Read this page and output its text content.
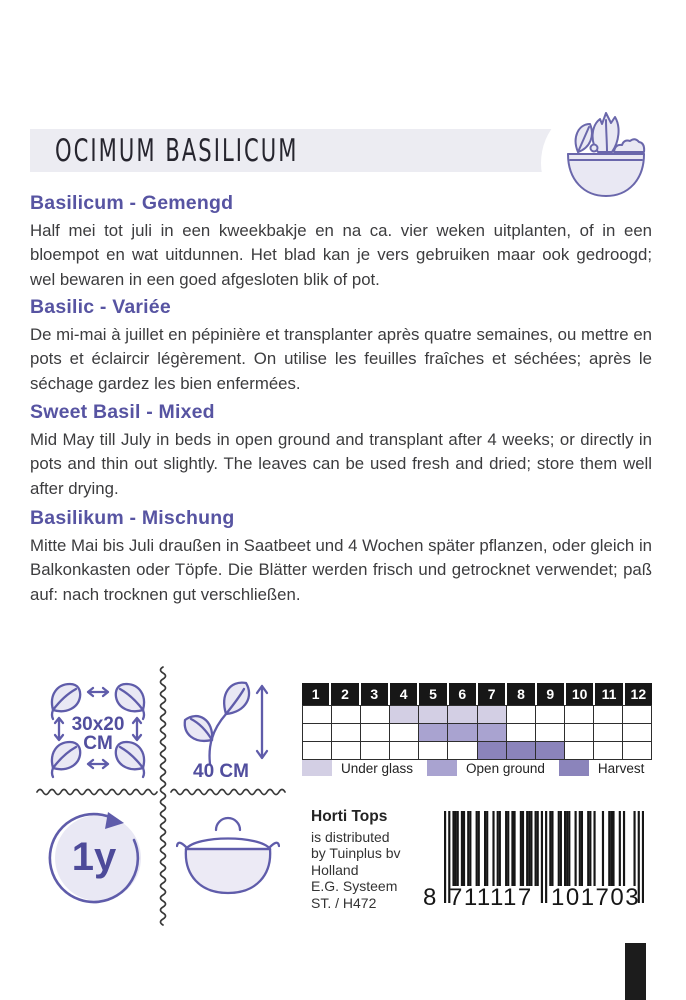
OCIMUM BASILICUM
Basilicum - Gemengd

Half mei tot juli in een kweekbakje en na ca. vier weken uitplanten, of in een bloempot en wat uitdunnen. Het blad kan je vers gebruiken maar ook gedroogd; wel bewaren in een goed afgesloten blik of pot.

Basilic - Variée

De mi-mai à juillet en pépinière et transplanter après quatre semaines, ou mettre en pots et éclaircir légèrement. On utilise les feuilles fraîches et séchées; après le séchage gardez les bien enfermées.

Sweet Basil - Mixed

Mid May till July in beds in open ground and transplant after 4 weeks; or directly in pots and thin out slightly. The leaves can be used fresh and dried; store them well after drying.

Basilikum - Mischung

Mitte Mai bis Juli draußen in Saatbeet und 4 Wochen später pflanzen, oder gleich in Balkonkasten oder Töpfe. Die Blätter werden frisch und getrocknet verwendet; paß auf: nach trocknen gut verschließen.

30x20
CM
40 CM
1y
1	2	3	4	5	6	7	8	9	10	11	12
Under glass	Open ground	Harvest
Horti Tops
is distributed
by Tuinplus bv
Holland
E.G. Systeem
ST. / H472	8 711117 101703
